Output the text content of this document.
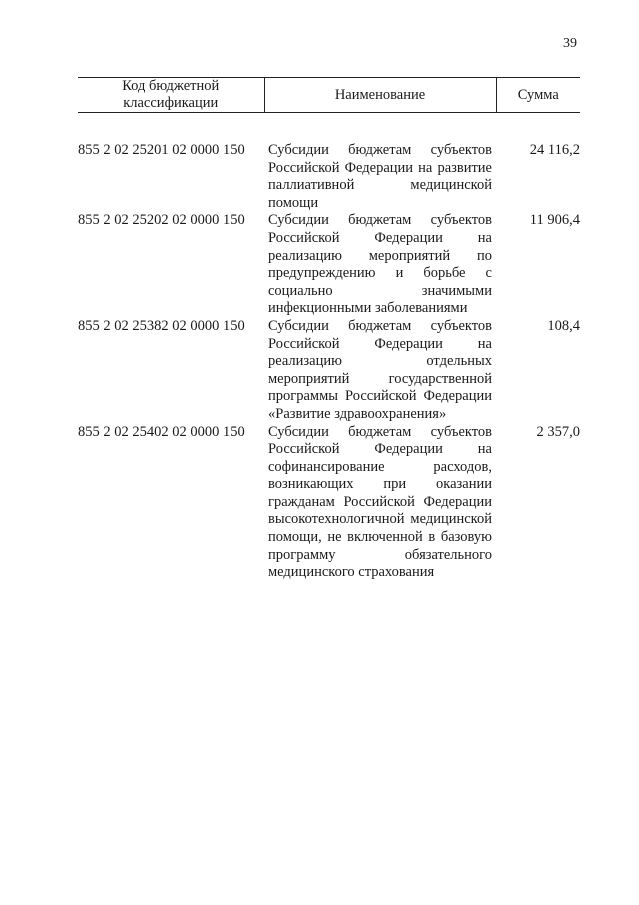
39
Код бюджетной классификации	Наименование	Сумма

855 2 02 25201 02 0000 150	Субсидии бюджетам субъектов Российской Федерации на развитие паллиативной медицинской помощи	24 116,2
855 2 02 25202 02 0000 150	Субсидии бюджетам субъектов Российской Федерации на реализацию мероприятий по предупреждению и борьбе с социально значимыми инфекционными заболеваниями	11 906,4
855 2 02 25382 02 0000 150	Субсидии бюджетам субъектов Российской Федерации на реализацию отдельных мероприятий государственной программы Российской Федерации «Развитие здравоохранения»	108,4
855 2 02 25402 02 0000 150	Субсидии бюджетам субъектов Российской Федерации на софинансирование расходов, возникающих при оказании гражданам Российской Федерации высокотехнологичной медицинской помощи, не включенной в базовую программу обязательного медицинского страхования	2 357,0
